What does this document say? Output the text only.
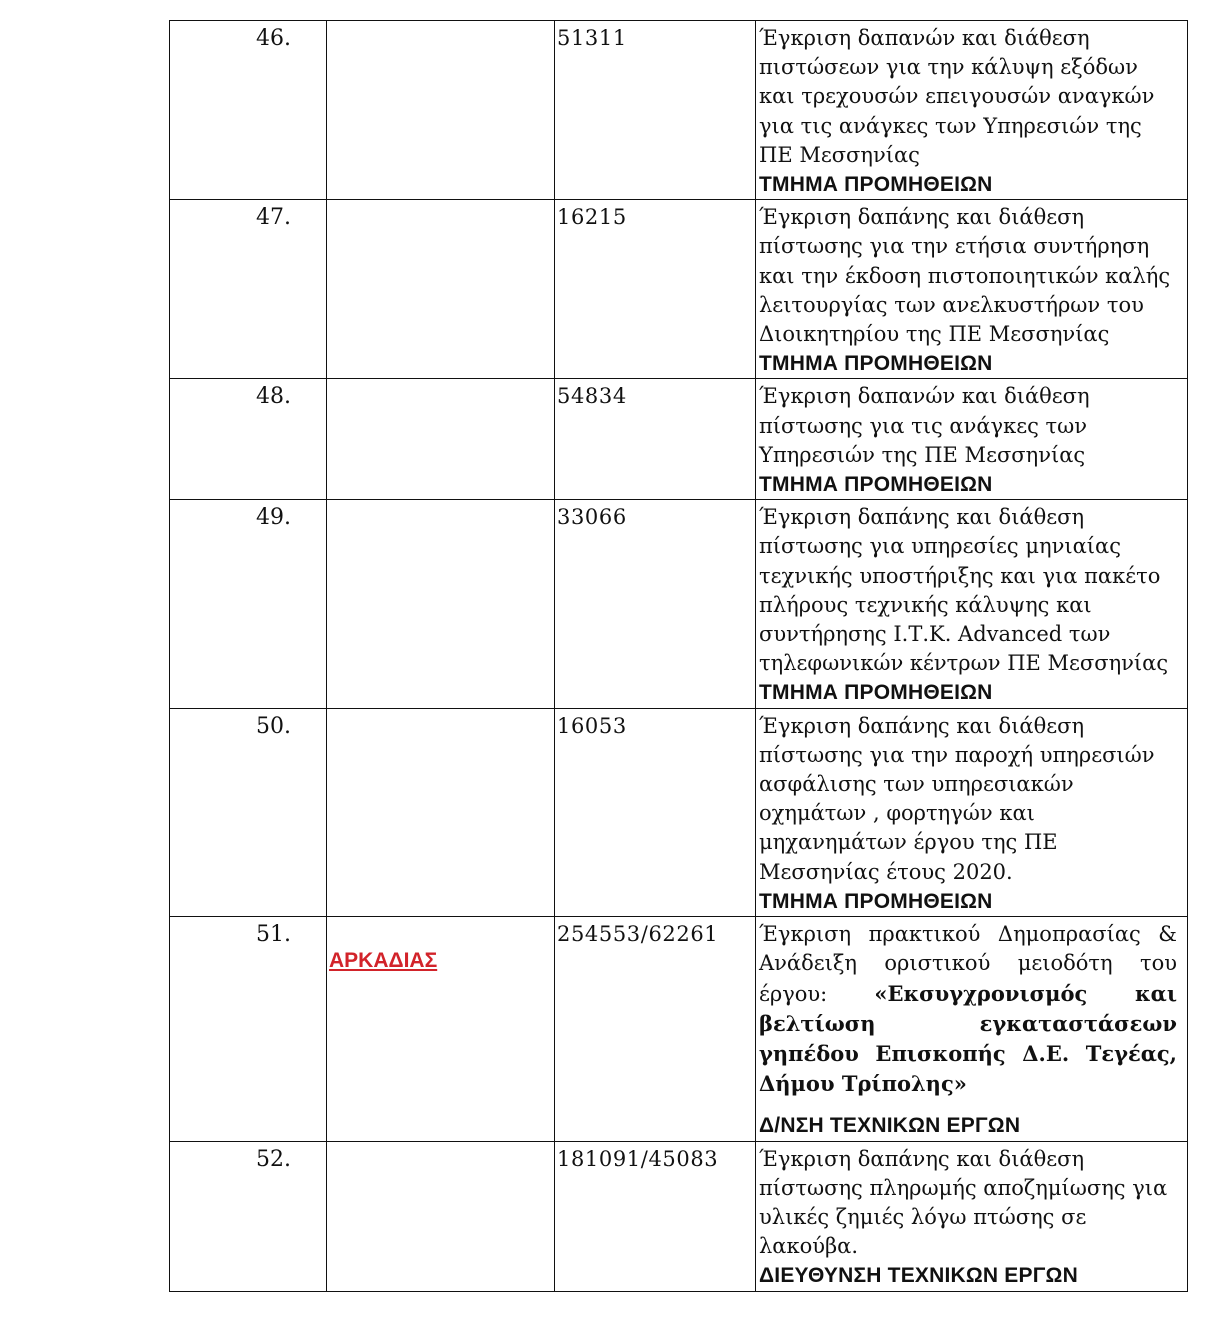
46.		51311	Έγκριση δαπανών και διάθεση πιστώσεων για την κάλυψη εξόδων και τρεχουσών επειγουσών αναγκών για τις ανάγκες των Υπηρεσιών της ΠΕ Μεσσηνίας
ΤΜΗΜΑ ΠΡΟΜΗΘΕΙΩΝ

47.		16215	Έγκριση δαπάνης και διάθεση πίστωσης για την ετήσια συντήρηση και την έκδοση πιστοποιητικών καλής λειτουργίας των ανελκυστήρων του Διοικητηρίου της ΠΕ Μεσσηνίας
ΤΜΗΜΑ ΠΡΟΜΗΘΕΙΩΝ

48.		54834	Έγκριση δαπανών και διάθεση πίστωσης για τις ανάγκες των Υπηρεσιών της ΠΕ Μεσσηνίας
ΤΜΗΜΑ ΠΡΟΜΗΘΕΙΩΝ

49.		33066	Έγκριση δαπάνης και διάθεση πίστωσης για υπηρεσίες μηνιαίας τεχνικής υποστήριξης και για πακέτο πλήρους τεχνικής κάλυψης και συντήρησης Ι.Τ.Κ. Advanced των τηλεφωνικών κέντρων ΠΕ Μεσσηνίας
ΤΜΗΜΑ ΠΡΟΜΗΘΕΙΩΝ

50.		16053	Έγκριση δαπάνης και διάθεση πίστωσης για την παροχή υπηρεσιών ασφάλισης των υπηρεσιακών οχημάτων , φορτηγών και μηχανημάτων έργου της ΠΕ Μεσσηνίας έτους 2020.
ΤΜΗΜΑ ΠΡΟΜΗΘΕΙΩΝ

51.	ΑΡΚΑΔΙΑΣ	254553/62261	Έγκριση πρακτικού Δημοπρασίας & Ανάδειξη οριστικού μειοδότη του έργου: «Εκσυγχρονισμός και βελτίωση εγκαταστάσεων γηπέδου Επισκοπής Δ.Ε. Τεγέας, Δήμου Τρίπολης»
Δ/ΝΣΗ ΤΕΧΝΙΚΩΝ ΕΡΓΩΝ

52.		181091/45083	Έγκριση δαπάνης και διάθεση πίστωσης πληρωμής αποζημίωσης για υλικές ζημιές λόγω πτώσης σε λακούβα.
ΔΙΕΥΘΥΝΣΗ ΤΕΧΝΙΚΩΝ ΕΡΓΩΝ
